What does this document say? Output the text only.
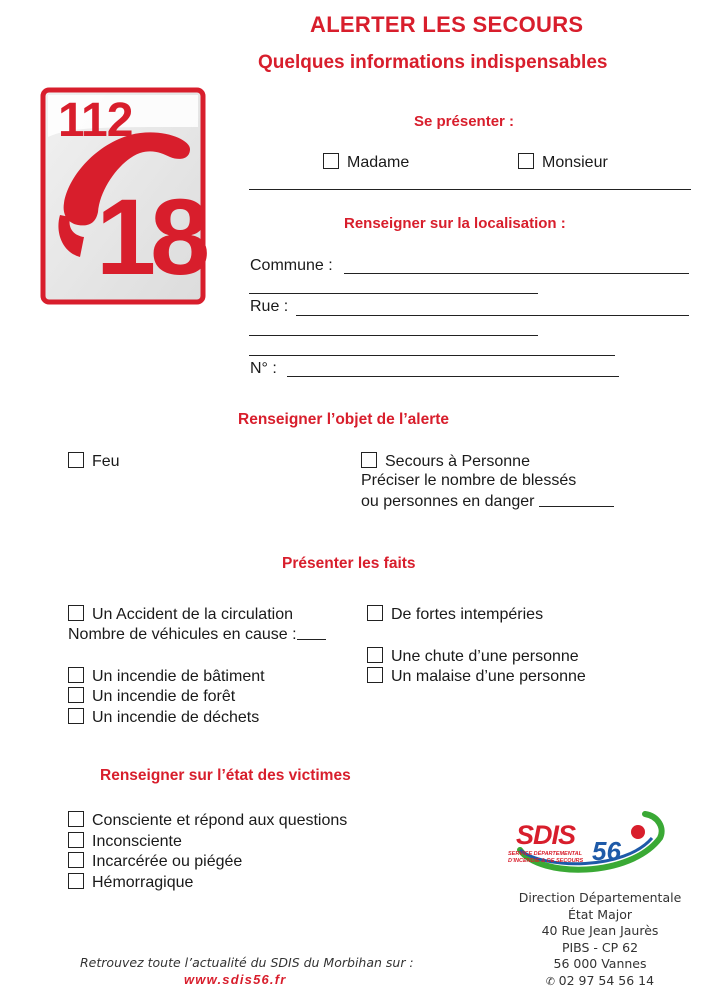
ALERTER LES SECOURS
Quelques informations indispensables
112
18
Se présenter :
Madame	Monsieur
Renseigner sur la localisation :
Commune :
Rue :
N° :
Renseigner l’objet de l’alerte
Feu	Secours à Personne
Préciser le nombre de blessés
ou personnes en danger
Présenter les faits
Un Accident de la circulation
Nombre de véhicules en cause :
Un incendie de bâtiment
Un incendie de forêt
Un incendie de déchets
De fortes intempéries
Une chute d’une personne
Un malaise d’une personne
Renseigner sur l’état des victimes
Consciente et répond aux questions
Inconsciente
Incarcérée ou piégée
Hémorragique
SDIS
56
SERVICE DÉPARTEMENTAL
D’INCENDIE & DE SECOURS
Direction Départementale
État Major
40 Rue Jean Jaurès
PIBS - CP 62
56 000 Vannes
✆ 02 97 54 56 14
Retrouvez toute l’actualité du SDIS du Morbihan sur :
www.sdis56.fr
